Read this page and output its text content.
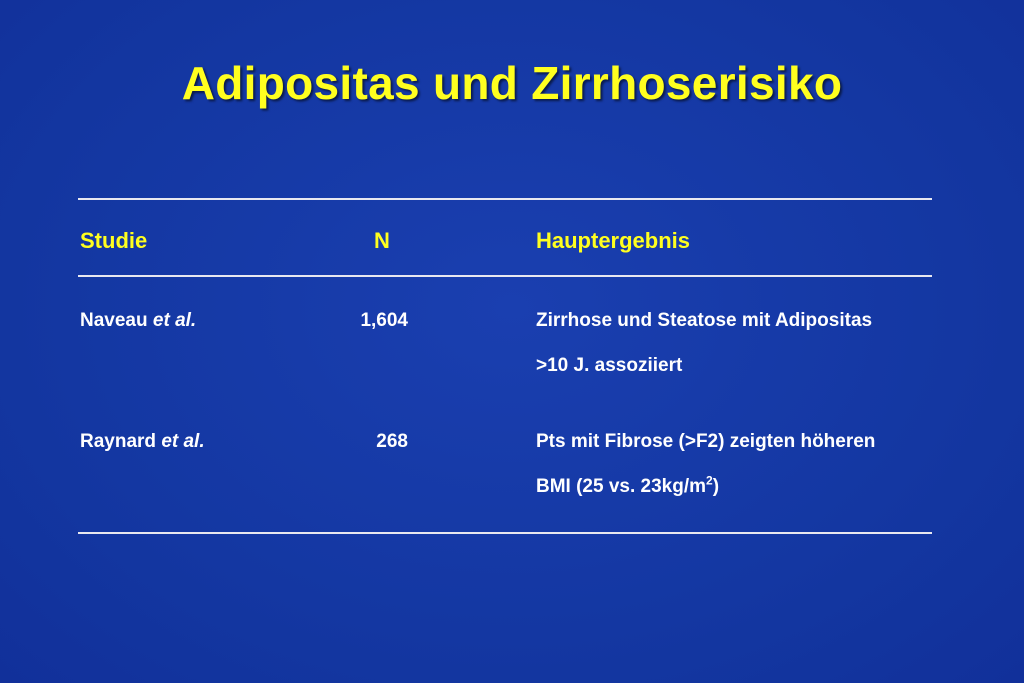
Adipositas und Zirrhoserisiko
Studie	N	Hauptergebnis
Naveau et al.	1,604	Zirrhose und Steatose mit Adipositas
>10 J. assoziiert
Raynard et al.	268	Pts mit Fibrose (>F2) zeigten höheren
BMI (25 vs. $23kg/m^2$)
